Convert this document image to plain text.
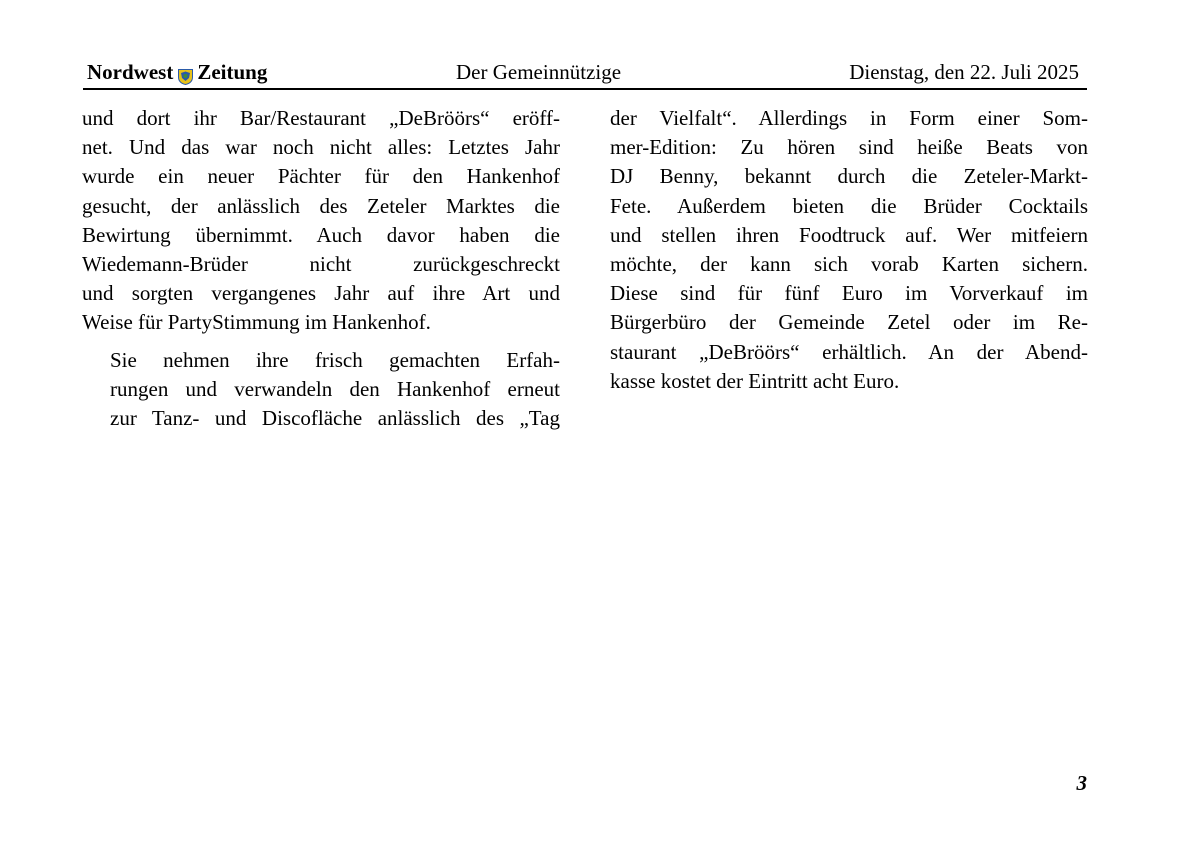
Nordwest Zeitung	Der Gemeinnützige	Dienstag, den 22. Juli 2025

und dort ihr Bar/Restaurant „DeBröörs“ eröff-
net. Und das war noch nicht alles: Letztes Jahr
wurde ein neuer Pächter für den Hankenhof
gesucht, der anlässlich des Zeteler Marktes die
Bewirtung übernimmt. Auch davor haben die
Wiedemann-Brüder nicht zurückgeschreckt
und sorgten vergangenes Jahr auf ihre Art und
Weise für PartyStimmung im Hankenhof.

Sie nehmen ihre frisch gemachten Erfah-
rungen und verwandeln den Hankenhof erneut
zur Tanz- und Discofläche anlässlich des „Tag

der Vielfalt“. Allerdings in Form einer Som-
mer-Edition: Zu hören sind heiße Beats von
DJ Benny, bekannt durch die Zeteler-Markt-
Fete. Außerdem bieten die Brüder Cocktails
und stellen ihren Foodtruck auf. Wer mitfeiern
möchte, der kann sich vorab Karten sichern.
Diese sind für fünf Euro im Vorverkauf im
Bürgerbüro der Gemeinde Zetel oder im Re-
staurant „DeBröörs“ erhältlich. An der Abend-
kasse kostet der Eintritt acht Euro.

3
